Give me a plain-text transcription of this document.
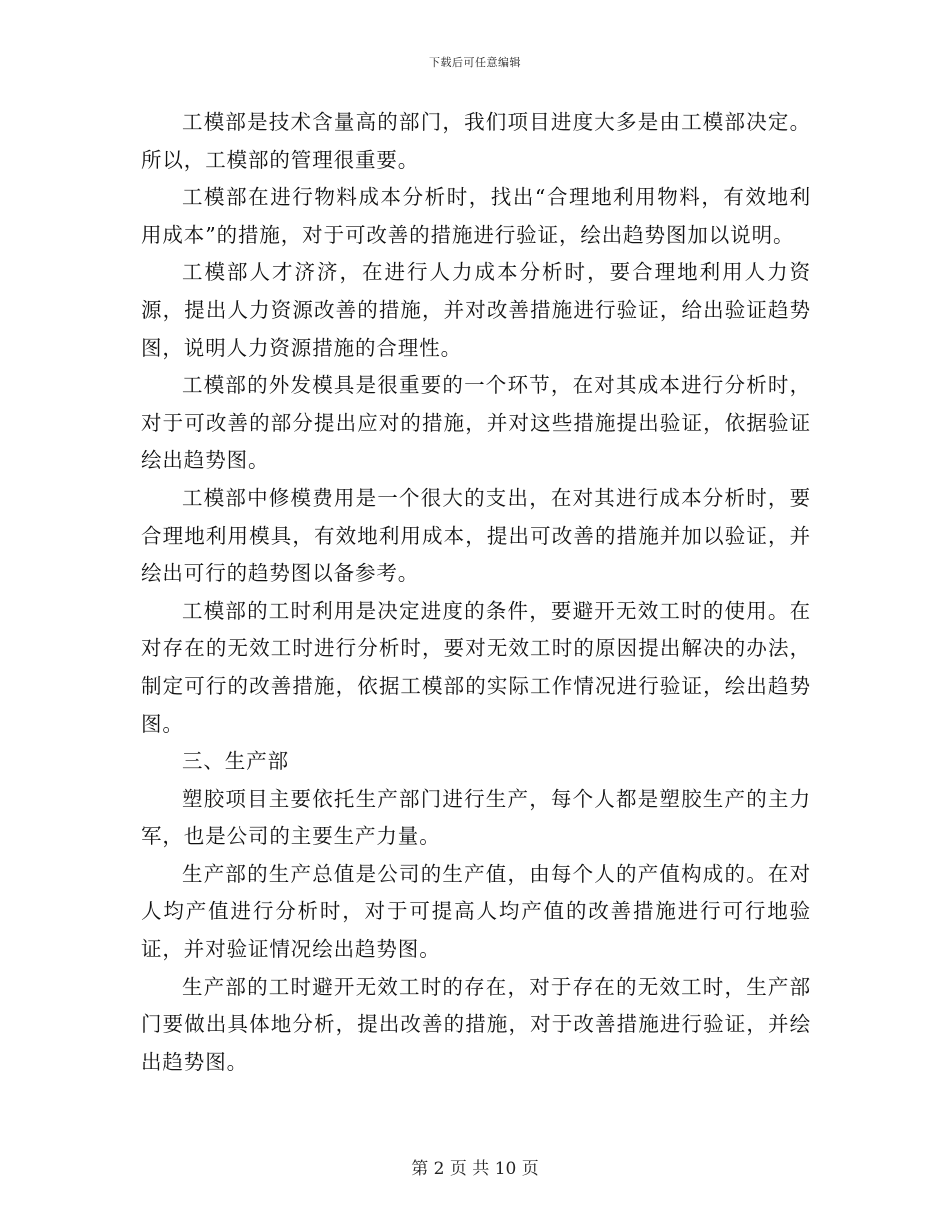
下载后可任意编辑

工模部是技术含量高的部门，我们项目进度大多是由工模部决定。所以，工模部的管理很重要。

工模部在进行物料成本分析时，找出“合理地利用物料，有效地利用成本”的措施，对于可改善的措施进行验证，绘出趋势图加以说明。

工模部人才济济，在进行人力成本分析时，要合理地利用人力资源，提出人力资源改善的措施，并对改善措施进行验证，给出验证趋势图，说明人力资源措施的合理性。

工模部的外发模具是很重要的一个环节，在对其成本进行分析时，对于可改善的部分提出应对的措施，并对这些措施提出验证，依据验证绘出趋势图。

工模部中修模费用是一个很大的支出，在对其进行成本分析时，要合理地利用模具，有效地利用成本，提出可改善的措施并加以验证，并绘出可行的趋势图以备参考。

工模部的工时利用是决定进度的条件，要避开无效工时的使用。在对存在的无效工时进行分析时，要对无效工时的原因提出解决的办法，制定可行的改善措施，依据工模部的实际工作情况进行验证，绘出趋势图。

三、生产部

塑胶项目主要依托生产部门进行生产，每个人都是塑胶生产的主力军，也是公司的主要生产力量。

生产部的生产总值是公司的生产值，由每个人的产值构成的。在对人均产值进行分析时，对于可提高人均产值的改善措施进行可行地验证，并对验证情况绘出趋势图。

生产部的工时避开无效工时的存在，对于存在的无效工时，生产部门要做出具体地分析，提出改善的措施，对于改善措施进行验证，并绘出趋势图。

第 2 页 共 10 页
